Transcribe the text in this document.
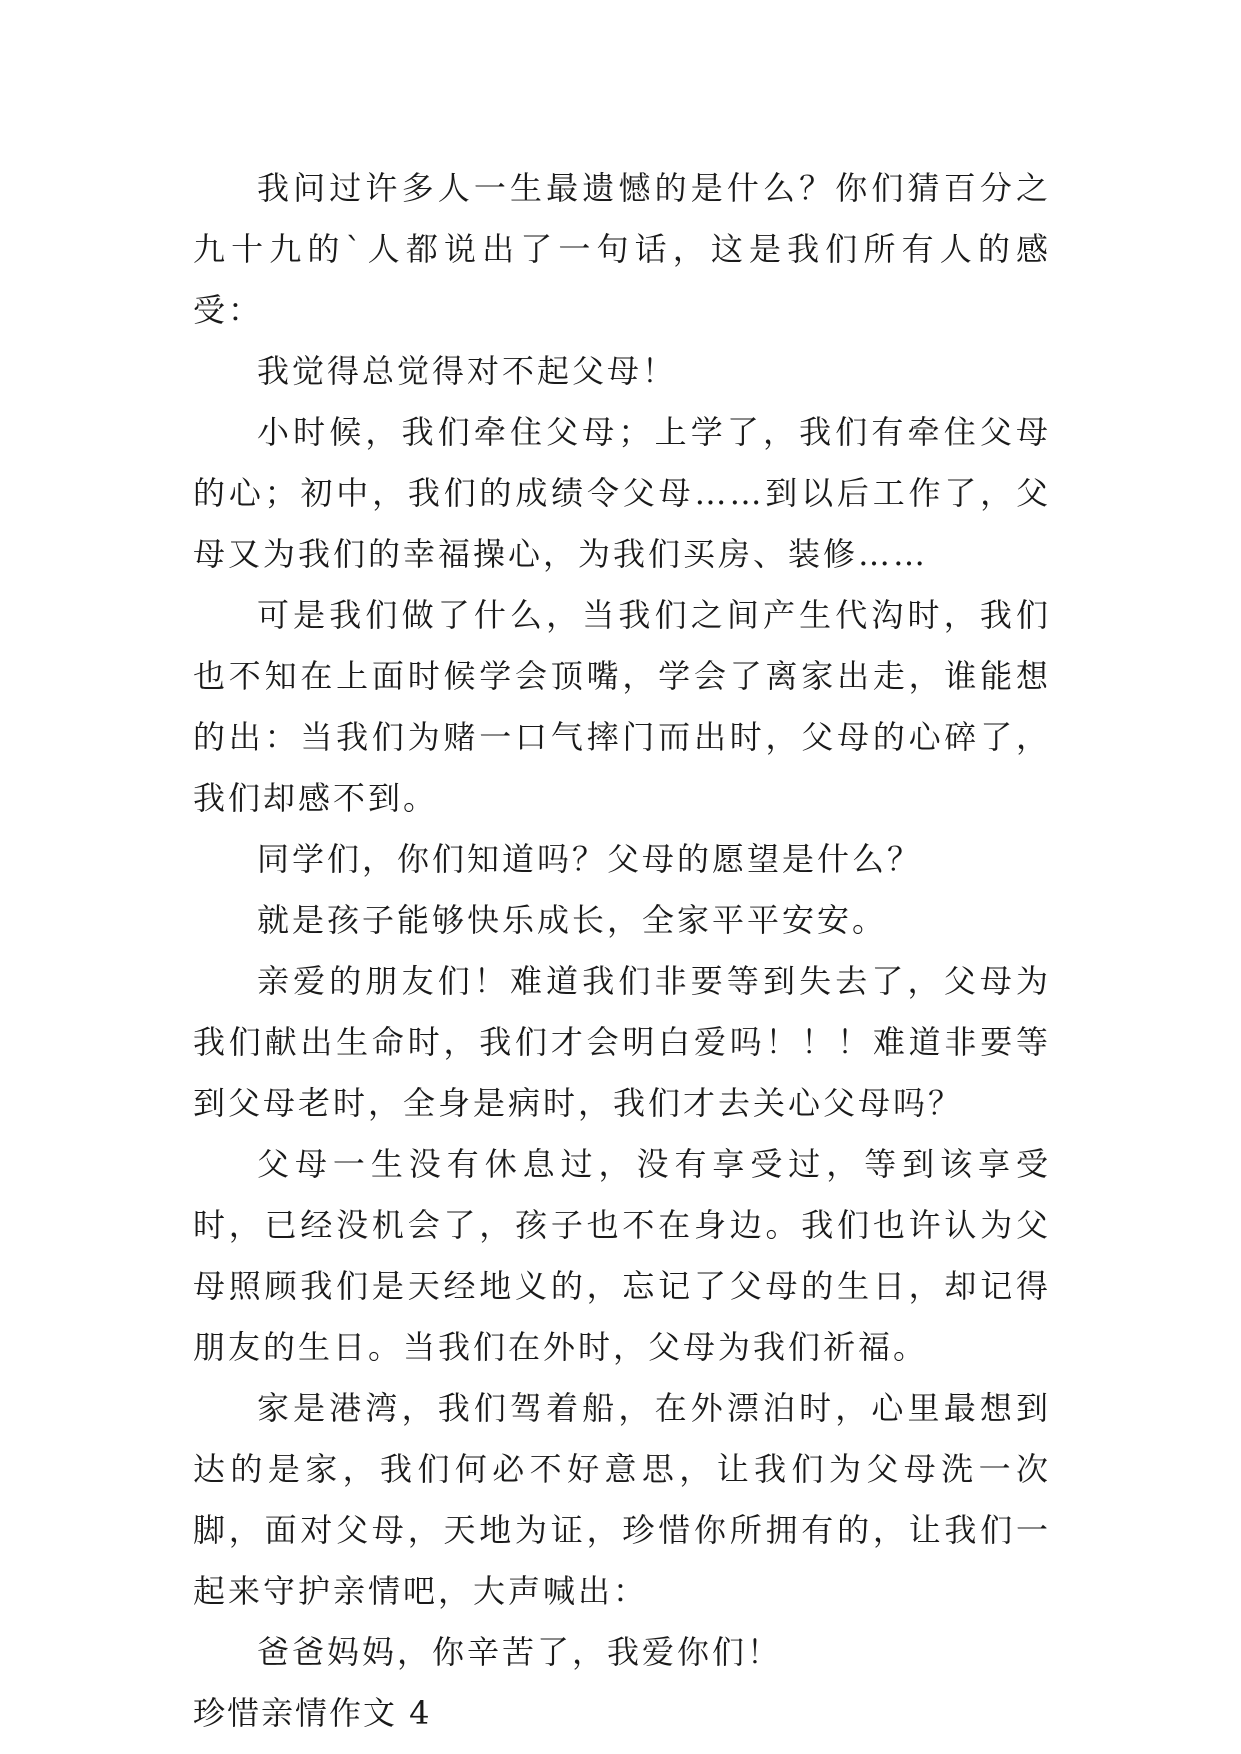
我问过许多人一生最遗憾的是什么？你们猜百分之九十九的`人都说出了一句话，这是我们所有人的感受：

我觉得总觉得对不起父母！

小时候，我们牵住父母；上学了，我们有牵住父母的心；初中，我们的成绩令父母……到以后工作了，父母又为我们的幸福操心，为我们买房、装修……

可是我们做了什么，当我们之间产生代沟时，我们也不知在上面时候学会顶嘴，学会了离家出走，谁能想的出：当我们为赌一口气摔门而出时，父母的心碎了，我们却感不到。

同学们，你们知道吗？父母的愿望是什么？

就是孩子能够快乐成长，全家平平安安。

亲爱的朋友们！难道我们非要等到失去了，父母为我们献出生命时，我们才会明白爱吗！！！难道非要等到父母老时，全身是病时，我们才去关心父母吗？

父母一生没有休息过，没有享受过，等到该享受时，已经没机会了，孩子也不在身边。我们也许认为父母照顾我们是天经地义的，忘记了父母的生日，却记得朋友的生日。当我们在外时，父母为我们祈福。

家是港湾，我们驾着船，在外漂泊时，心里最想到达的是家，我们何必不好意思，让我们为父母洗一次脚，面对父母，天地为证，珍惜你所拥有的，让我们一起来守护亲情吧，大声喊出：

爸爸妈妈，你辛苦了，我爱你们！

珍惜亲情作文 4
